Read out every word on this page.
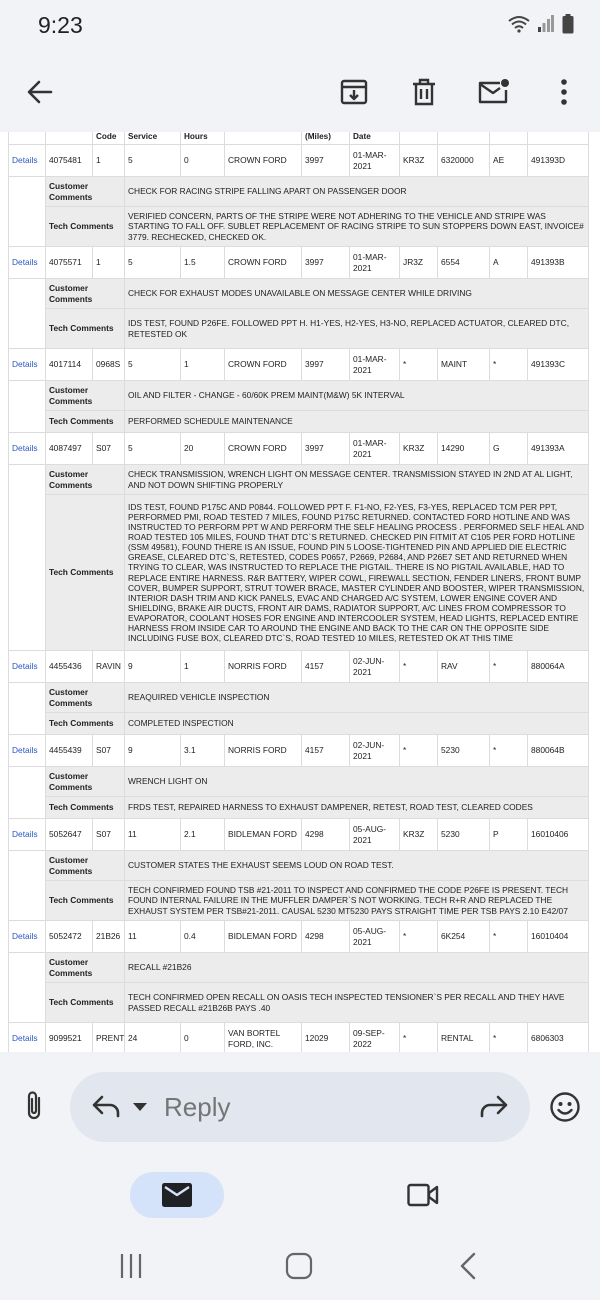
9:23
		Code	Service	Hours		(Miles)	Date				
Details	4075481	1	5	0	CROWN FORD	3997	01-MAR-2021	KR3Z	6320000	AE	491393D
	Customer Comments		CHECK FOR RACING STRIPE FALLING APART ON PASSENGER DOOR								
	Tech Comments		VERIFIED CONCERN, PARTS OF THE STRIPE WERE NOT ADHERING TO THE VEHICLE AND STRIPE WAS STARTING TO FALL OFF. SUBLET REPLACEMENT OF RACING STRIPE TO SUN STOPPERS DOWN EAST, INVOICE# 3779. RECHECKED, CHECKED OK.								
Details	4075571	1	5	1.5	CROWN FORD	3997	01-MAR-2021	JR3Z	6554	A	491393B
	Customer Comments		CHECK FOR EXHAUST MODES UNAVAILABLE ON MESSAGE CENTER WHILE DRIVING								
	Tech Comments		IDS TEST, FOUND P26FE. FOLLOWED PPT H. H1-YES, H2-YES, H3-NO, REPLACED ACTUATOR, CLEARED DTC, RETESTED OK								
Details	4017114	0968S	5	1	CROWN FORD	3997	01-MAR-2021	*	MAINT	*	491393C
	Customer Comments		OIL AND FILTER - CHANGE - 60/60K PREM MAINT(M&W) 5K INTERVAL								
	Tech Comments		PERFORMED SCHEDULE MAINTENANCE								
Details	4087497	S07	5	20	CROWN FORD	3997	01-MAR-2021	KR3Z	14290	G	491393A
	Customer Comments		CHECK TRANSMISSION, WRENCH LIGHT ON MESSAGE CENTER. TRANSMISSION STAYED IN 2ND AT AL LIGHT, AND NOT DOWN SHIFTING PROPERLY								
	Tech Comments		IDS TEST, FOUND P175C AND P0844. FOLLOWED PPT F. F1-NO, F2-YES, F3-YES, REPLACED TCM PER PPT, PERFORMED PMI, ROAD TESTED 7 MILES, FOUND P175C RETURNED. CONTACTED FORD HOTLINE AND WAS INSTRUCTED TO PERFORM PPT W AND PERFORM THE SELF HEALING PROCESS . PERFORMED SELF HEAL AND ROAD TESTED 105 MILES, FOUND THAT DTC`S RETURNED. CHECKED PIN FITMIT AT C105 PER FORD HOTLINE (SSM 49581), FOUND THERE IS AN ISSUE, FOUND PIN 5 LOOSE-TIGHTENED PIN AND APPLIED DIE ELECTRIC GREASE, CLEARED DTC`S, RETESTED, CODES P0657, P2669, P2684, AND P26E7 SET AND RETURNED WHEN TRYING TO CLEAR, WAS INSTRUCTED TO REPLACE THE PIGTAIL. THERE IS NO PIGTAIL AVAILABLE, HAD TO REPLACE ENTIRE HARNESS. R&R BATTERY, WIPER COWL, FIREWALL SECTION, FENDER LINERS, FRONT BUMP COVER, BUMPER SUPPORT, STRUT TOWER BRACE, MASTER CYLINDER AND BOOSTER, WIPER TRANSMISSION, INTERIOR DASH TRIM AND KICK PANELS, EVAC AND CHARGED A/C SYSTEM, LOWER ENGINE COVER AND SHIELDING, BRAKE AIR DUCTS, FRONT AIR DAMS, RADIATOR SUPPORT, A/C LINES FROM COMPRESSOR TO EVAPORATOR, COOLANT HOSES FOR ENGINE AND INTERCOOLER SYSTEM, HEAD LIGHTS, REPLACED ENTIRE HARNESS FROM INSIDE CAR TO AROUND THE ENGINE AND BACK TO THE CAR ON THE OPPOSITE SIDE INCLUDING FUSE BOX, CLEARED DTC`S, ROAD TESTED 10 MILES, RETESTED OK AT THIS TIME								
Details	4455436	RAVIN	9	1	NORRIS FORD	4157	02-JUN-2021	*	RAV	*	880064A
	Customer Comments		REAQUIRED VEHICLE INSPECTION								
	Tech Comments		COMPLETED INSPECTION								
Details	4455439	S07	9	3.1	NORRIS FORD	4157	02-JUN-2021	*	5230	*	880064B
	Customer Comments		WRENCH LIGHT ON								
	Tech Comments		FRDS TEST, REPAIRED HARNESS TO EXHAUST DAMPENER, RETEST, ROAD TEST, CLEARED CODES								
Details	5052647	S07	11	2.1	BIDLEMAN FORD	4298	05-AUG-2021	KR3Z	5230	P	16010406
	Customer Comments		CUSTOMER STATES THE EXHAUST SEEMS LOUD ON ROAD TEST.								
	Tech Comments		TECH CONFIRMED FOUND TSB #21-2011 TO INSPECT AND CONFIRMED THE CODE P26FE IS PRESENT. TECH FOUND INTERNAL FAILURE IN THE MUFFLER DAMPER`S NOT WORKING. TECH R+R AND REPLACED THE EXHAUST SYSTEM PER TSB#21-2011. CAUSAL 5230 MT5230 PAYS STRAIGHT TIME PER TSB PAYS 2.10 E42/07								
Details	5052472	21B26	11	0.4	BIDLEMAN FORD	4298	05-AUG-2021	*	6K254	*	16010404
	Customer Comments		RECALL #21B26								
	Tech Comments		TECH CONFIRMED OPEN RECALL ON OASIS TECH INSPECTED TENSIONER`S PER RECALL AND THEY HAVE PASSED RECALL #21B26B PAYS .40								
Details	9099521	PRENT	24	0	VAN BORTEL FORD, INC.	12029	09-SEP-2022	*	RENTAL	*	6806303

Reply
